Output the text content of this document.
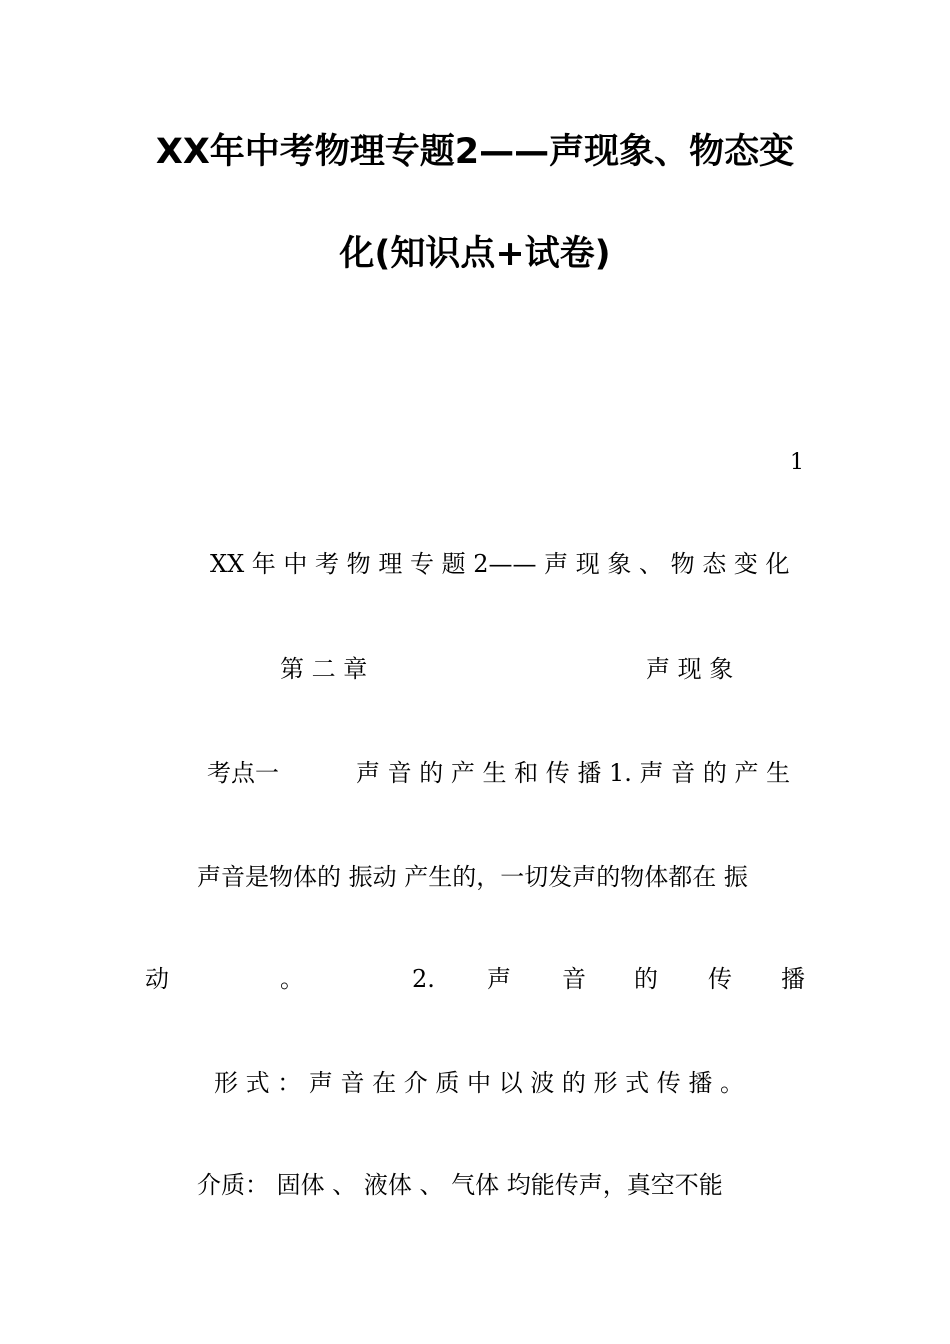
XX年中考物理专题2——声现象、物态变
化(知识点+试卷)
1
XX 年 中 考 物 理 专 题 2—— 声 现 象 、 物 态 变 化
第 二 章	声 现 象
考点一	声 音 的 产 生 和 传 播 1. 声 音 的 产 生
声音是物体的 振动 产生的，一切发声的物体都在 振
动	。	2. 声 音 的 传 播
形 式 ： 声 音 在 介 质 中 以 波 的 形 式 传 播 。
介质： 固体 、 液体 、 气体 均能传声，真空不能
